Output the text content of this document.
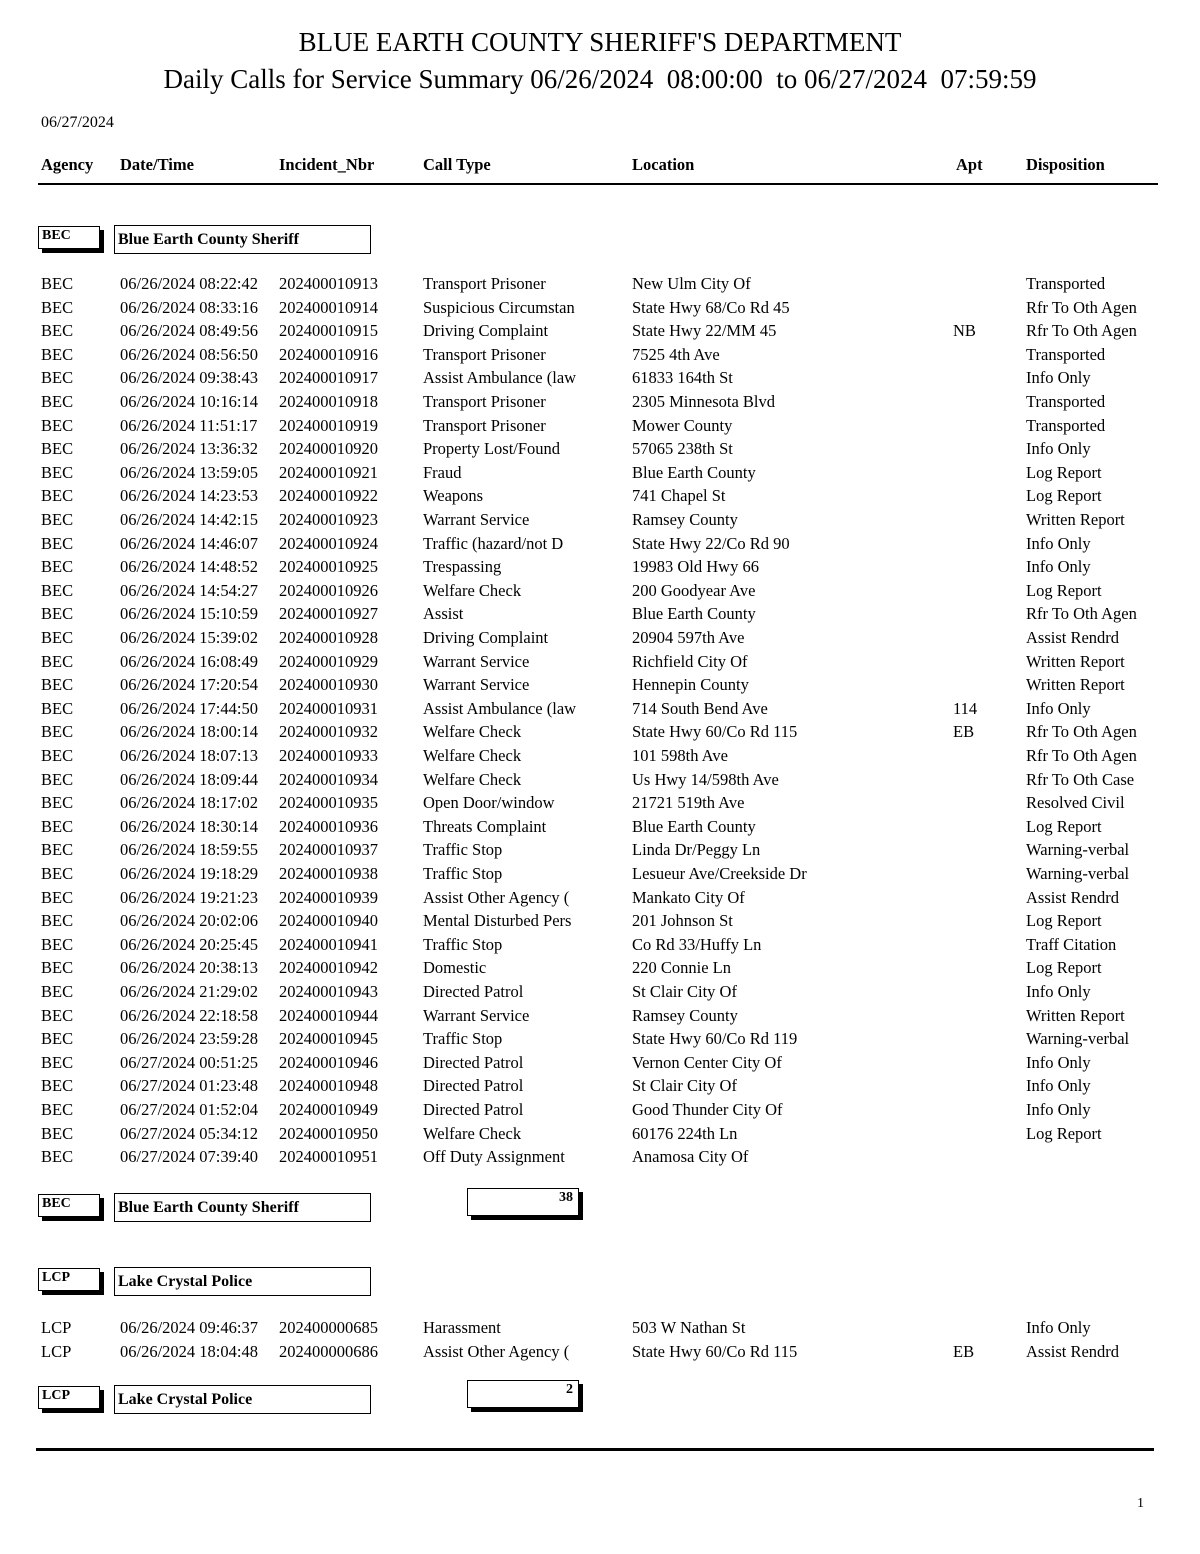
BLUE EARTH COUNTY SHERIFF'S DEPARTMENT
Daily Calls for Service Summary 06/26/2024  08:00:00  to 06/27/2024  07:59:59
06/27/2024
Agency Date/Time	Incident_Nbr	Call Type	Location	Apt	Disposition
BEC	Blue Earth County Sheriff
BEC	06/26/2024 08:22:42 202400010913	Transport Prisoner	New Ulm City Of	Transported
BEC	06/26/2024 08:33:16 202400010914	Suspicious Circumstan	State Hwy 68/Co Rd 45	Rfr To Oth Agen
BEC	06/26/2024 08:49:56 202400010915	Driving Complaint	State Hwy 22/MM 45	NB	Rfr To Oth Agen
BEC	06/26/2024 08:56:50 202400010916	Transport Prisoner	7525 4th Ave	Transported
BEC	06/26/2024 09:38:43 202400010917	Assist Ambulance (law	61833 164th St	Info Only
BEC	06/26/2024 10:16:14 202400010918	Transport Prisoner	2305 Minnesota Blvd	Transported
BEC	06/26/2024 11:51:17 202400010919	Transport Prisoner	Mower County	Transported
BEC	06/26/2024 13:36:32 202400010920	Property Lost/Found	57065 238th St	Info Only
BEC	06/26/2024 13:59:05 202400010921	Fraud	Blue Earth County	Log Report
BEC	06/26/2024 14:23:53 202400010922	Weapons	741 Chapel St	Log Report
BEC	06/26/2024 14:42:15 202400010923	Warrant Service	Ramsey County	Written Report
BEC	06/26/2024 14:46:07 202400010924	Traffic (hazard/not D	State Hwy 22/Co Rd 90	Info Only
BEC	06/26/2024 14:48:52 202400010925	Trespassing	19983 Old Hwy 66	Info Only
BEC	06/26/2024 14:54:27 202400010926	Welfare Check	200 Goodyear Ave	Log Report
BEC	06/26/2024 15:10:59 202400010927	Assist	Blue Earth County	Rfr To Oth Agen
BEC	06/26/2024 15:39:02 202400010928	Driving Complaint	20904 597th Ave	Assist Rendrd
BEC	06/26/2024 16:08:49 202400010929	Warrant Service	Richfield City Of	Written Report
BEC	06/26/2024 17:20:54 202400010930	Warrant Service	Hennepin County	Written Report
BEC	06/26/2024 17:44:50 202400010931	Assist Ambulance (law	714 South Bend Ave	114	Info Only
BEC	06/26/2024 18:00:14 202400010932	Welfare Check	State Hwy 60/Co Rd 115	EB	Rfr To Oth Agen
BEC	06/26/2024 18:07:13 202400010933	Welfare Check	101 598th Ave	Rfr To Oth Agen
BEC	06/26/2024 18:09:44 202400010934	Welfare Check	Us Hwy 14/598th Ave	Rfr To Oth Case
BEC	06/26/2024 18:17:02 202400010935	Open Door/window	21721 519th Ave	Resolved Civil
BEC	06/26/2024 18:30:14 202400010936	Threats Complaint	Blue Earth County	Log Report
BEC	06/26/2024 18:59:55 202400010937	Traffic Stop	Linda Dr/Peggy Ln	Warning-verbal
BEC	06/26/2024 19:18:29 202400010938	Traffic Stop	Lesueur Ave/Creekside Dr	Warning-verbal
BEC	06/26/2024 19:21:23 202400010939	Assist Other Agency (	Mankato City Of	Assist Rendrd
BEC	06/26/2024 20:02:06 202400010940	Mental Disturbed Pers	201 Johnson St	Log Report
BEC	06/26/2024 20:25:45 202400010941	Traffic Stop	Co Rd 33/Huffy Ln	Traff Citation
BEC	06/26/2024 20:38:13 202400010942	Domestic	220 Connie Ln	Log Report
BEC	06/26/2024 21:29:02 202400010943	Directed Patrol	St Clair City Of	Info Only
BEC	06/26/2024 22:18:58 202400010944	Warrant Service	Ramsey County	Written Report
BEC	06/26/2024 23:59:28 202400010945	Traffic Stop	State Hwy 60/Co Rd 119	Warning-verbal
BEC	06/27/2024 00:51:25 202400010946	Directed Patrol	Vernon Center City Of	Info Only
BEC	06/27/2024 01:23:48 202400010948	Directed Patrol	St Clair City Of	Info Only
BEC	06/27/2024 01:52:04 202400010949	Directed Patrol	Good Thunder City Of	Info Only
BEC	06/27/2024 05:34:12 202400010950	Welfare Check	60176 224th Ln	Log Report
BEC	06/27/2024 07:39:40 202400010951	Off Duty Assignment	Anamosa City Of
BEC	Blue Earth County Sheriff
38
LCP	Lake Crystal Police
LCP	06/26/2024 09:46:37 202400000685	Harassment	503 W Nathan St	Info Only
LCP	06/26/2024 18:04:48 202400000686	Assist Other Agency (	State Hwy 60/Co Rd 115	EB	Assist Rendrd
LCP	Lake Crystal Police
2
1
